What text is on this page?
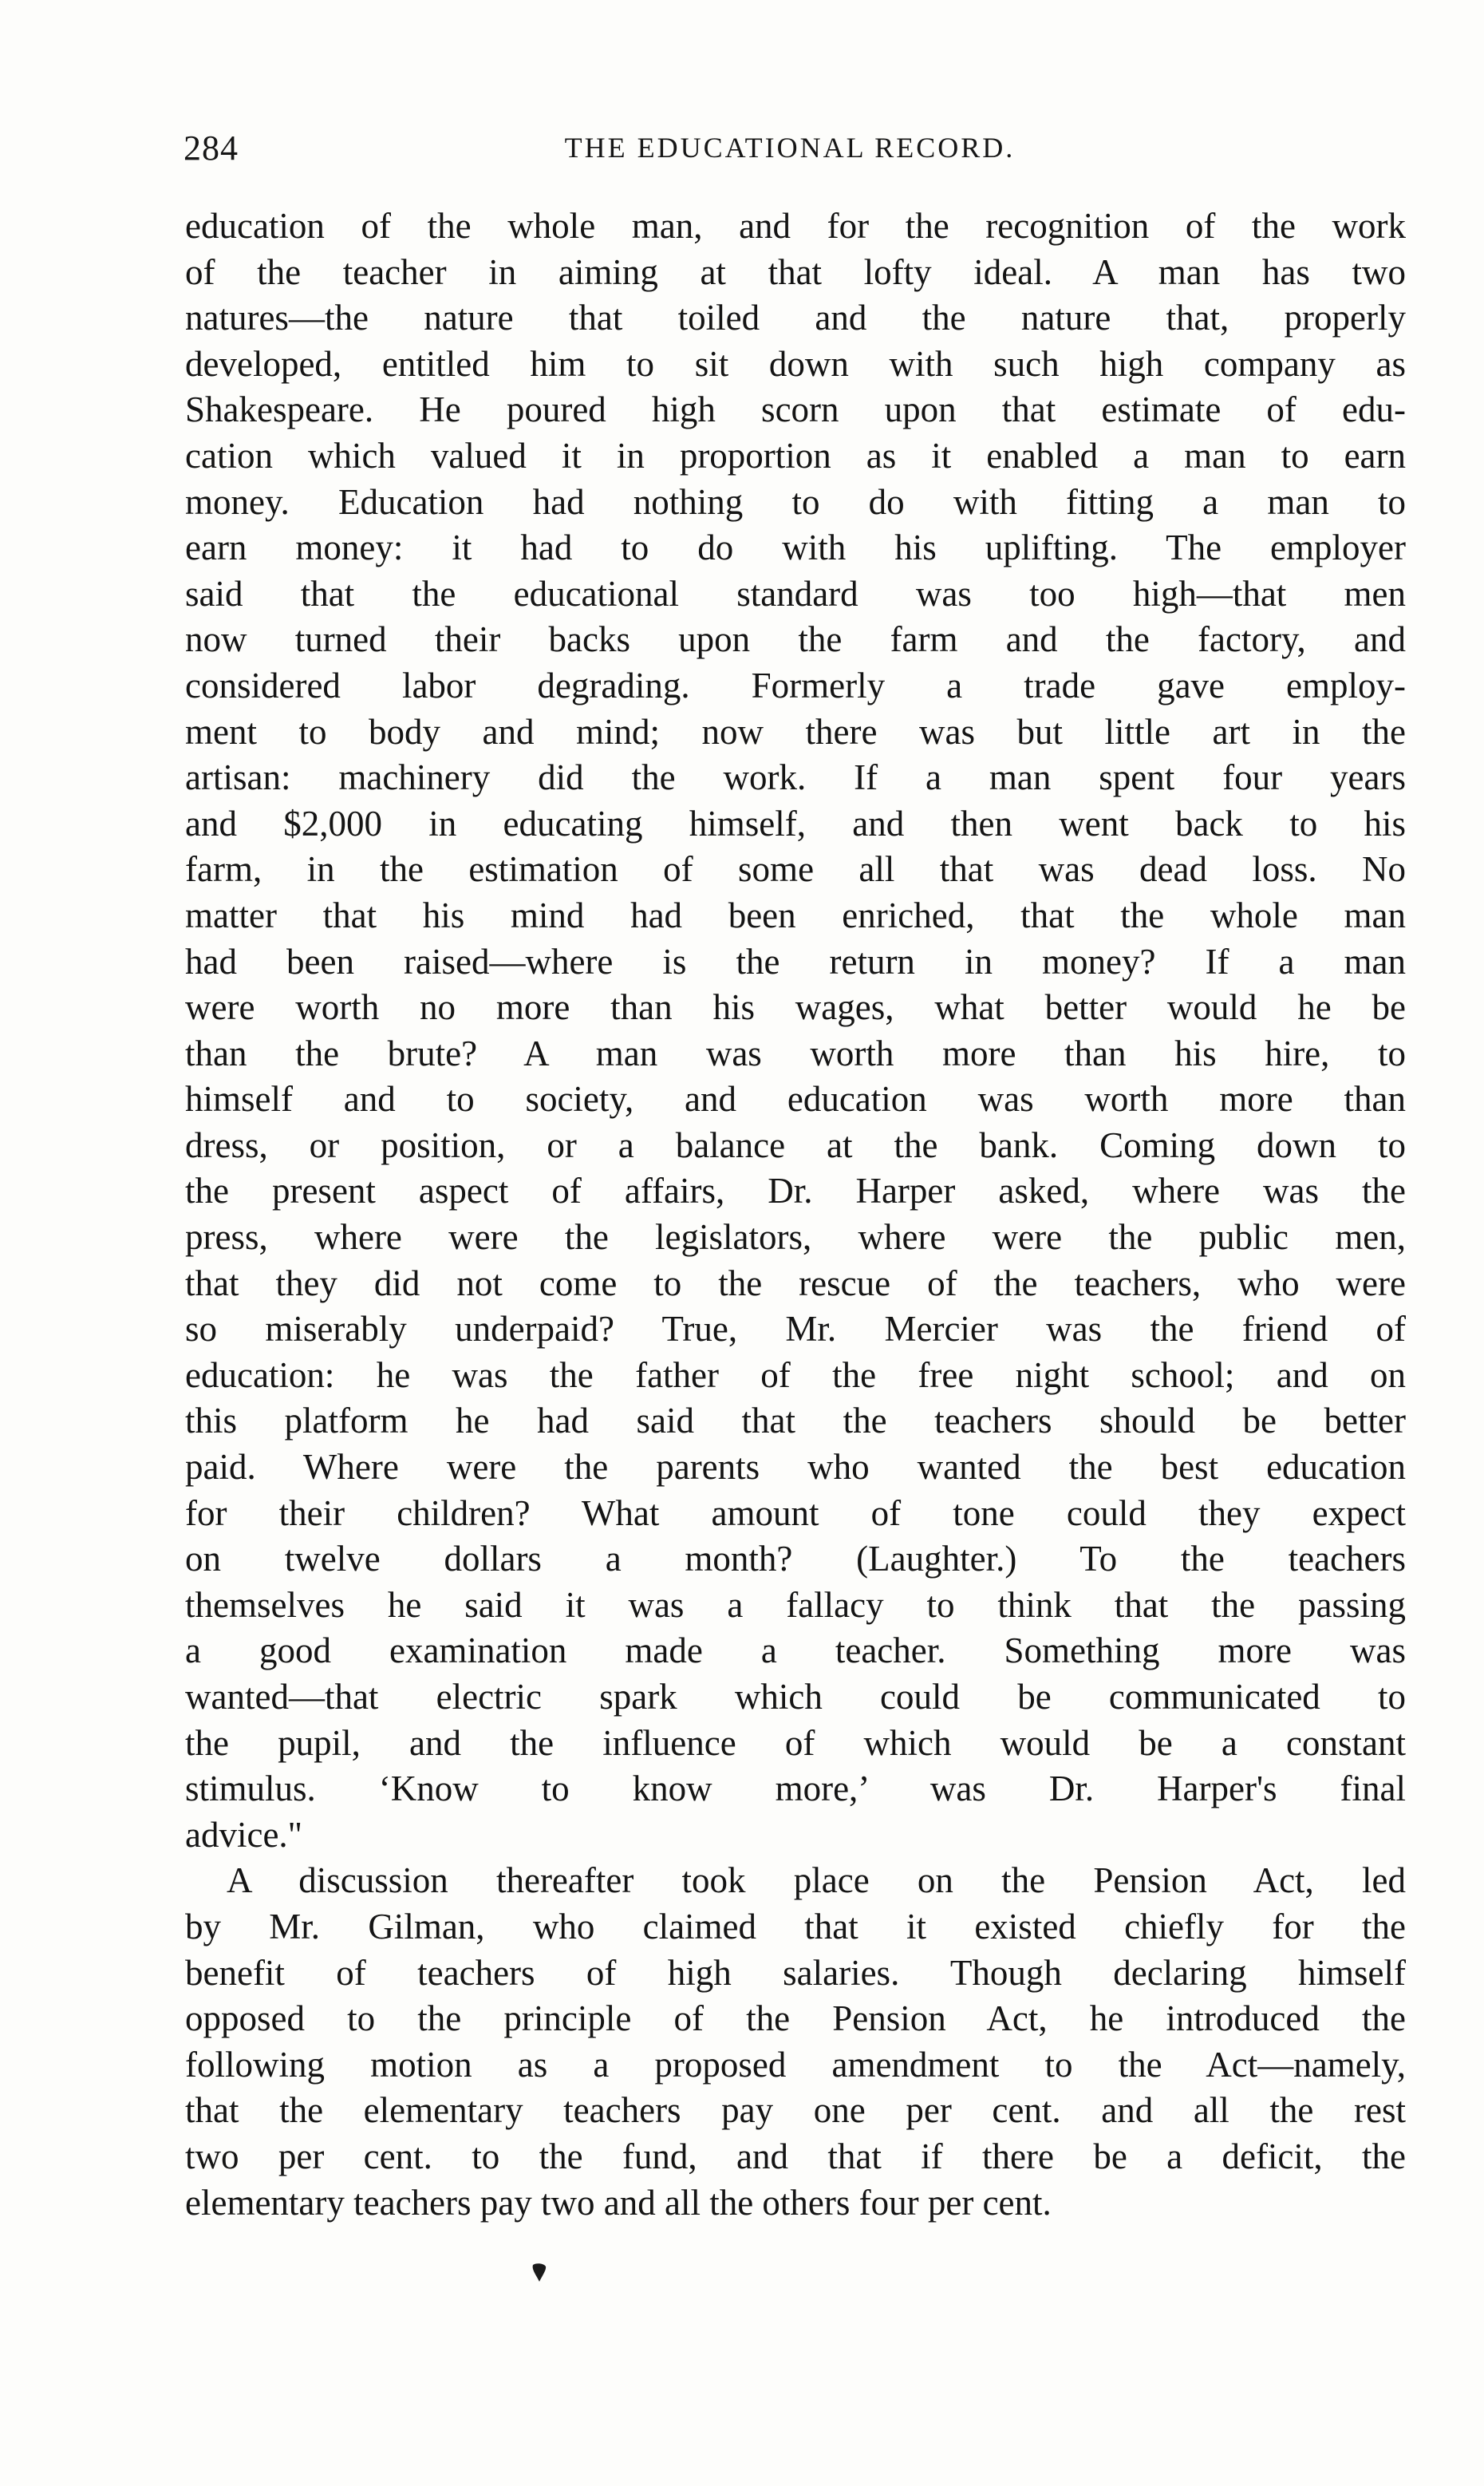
284	THE EDUCATIONAL RECORD.
education of the whole man, and for the recognition of the work
of the teacher in aiming at that lofty ideal. A man has two
natures—the nature that toiled and the nature that, properly
developed, entitled him to sit down with such high company as
Shakespeare. He poured high scorn upon that estimate of edu-
cation which valued it in proportion as it enabled a man to earn
money. Education had nothing to do with fitting a man to
earn money: it had to do with his uplifting. The employer
said that the educational standard was too high—that men
now turned their backs upon the farm and the factory, and
considered labor degrading. Formerly a trade gave employ-
ment to body and mind; now there was but little art in the
artisan: machinery did the work. If a man spent four years
and $2,000 in educating himself, and then went back to his
farm, in the estimation of some all that was dead loss. No
matter that his mind had been enriched, that the whole man
had been raised—where is the return in money? If a man
were worth no more than his wages, what better would he be
than the brute? A man was worth more than his hire, to
himself and to society, and education was worth more than
dress, or position, or a balance at the bank. Coming down to
the present aspect of affairs, Dr. Harper asked, where was the
press, where were the legislators, where were the public men,
that they did not come to the rescue of the teachers, who were
so miserably underpaid? True, Mr. Mercier was the friend of
education: he was the father of the free night school; and on
this platform he had said that the teachers should be better
paid. Where were the parents who wanted the best education
for their children? What amount of tone could they expect
on twelve dollars a month? (Laughter.) To the teachers
themselves he said it was a fallacy to think that the passing
a good examination made a teacher. Something more was
wanted—that electric spark which could be communicated to
the pupil, and the influence of which would be a constant
stimulus. ‘Know to know more,’ was Dr. Harper's final
advice."
A discussion thereafter took place on the Pension Act, led
by Mr. Gilman, who claimed that it existed chiefly for the
benefit of teachers of high salaries. Though declaring himself
opposed to the principle of the Pension Act, he introduced the
following motion as a proposed amendment to the Act—namely,
that the elementary teachers pay one per cent. and all the rest
two per cent. to the fund, and that if there be a deficit, the
elementary teachers pay two and all the others four per cent.
